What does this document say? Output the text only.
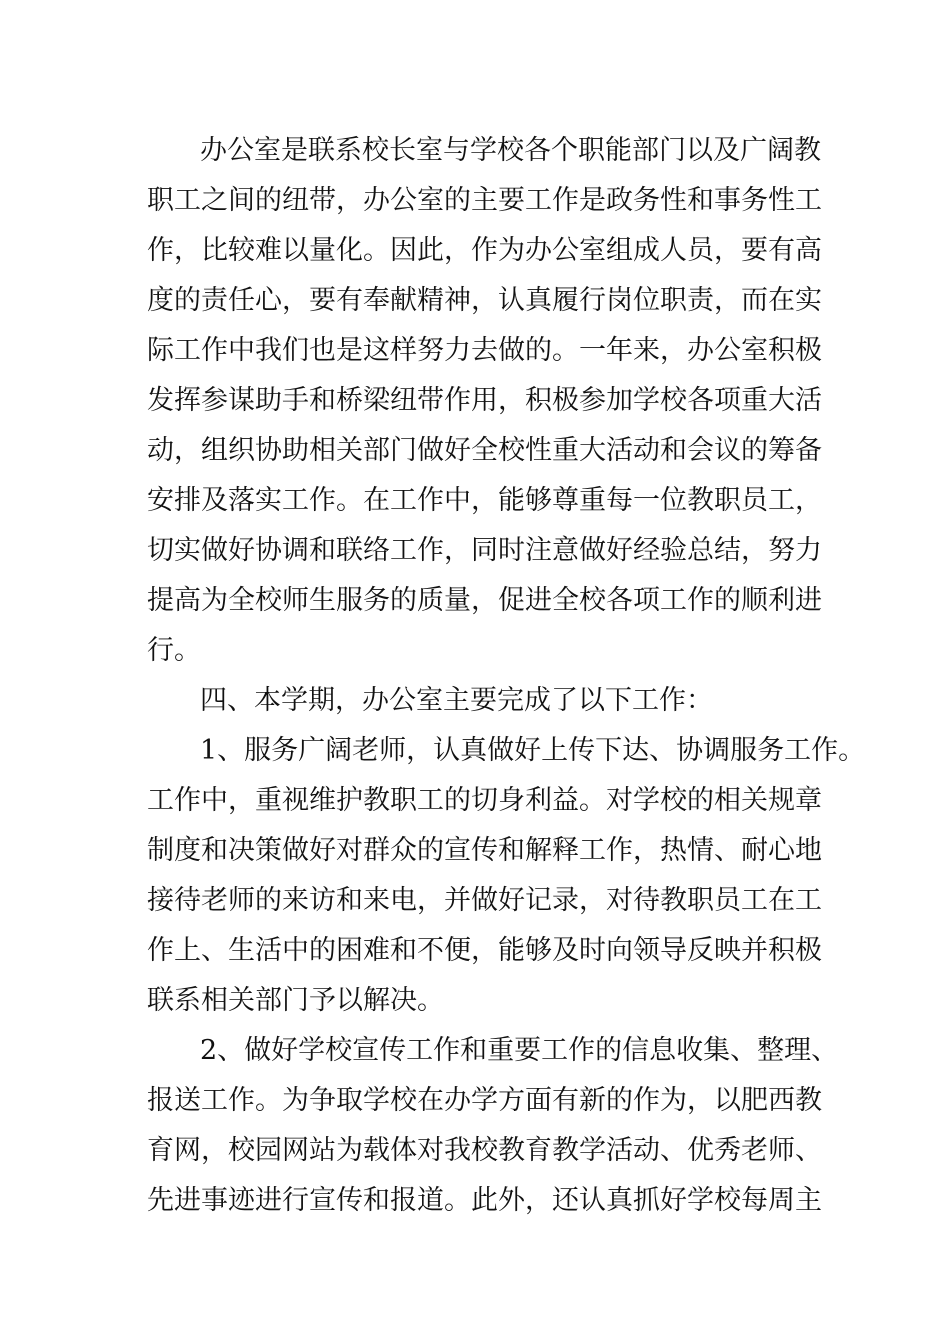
办公室是联系校长室与学校各个职能部门以及广阔教
职工之间的纽带，办公室的主要工作是政务性和事务性工
作，比较难以量化。因此，作为办公室组成人员，要有高
度的责任心，要有奉献精神，认真履行岗位职责，而在实
际工作中我们也是这样努力去做的。一年来，办公室积极
发挥参谋助手和桥梁纽带作用，积极参加学校各项重大活
动，组织协助相关部门做好全校性重大活动和会议的筹备
安排及落实工作。在工作中，能够尊重每一位教职员工，
切实做好协调和联络工作，同时注意做好经验总结，努力
提高为全校师生服务的质量，促进全校各项工作的顺利进
行。
四、本学期，办公室主要完成了以下工作：
1、服务广阔老师，认真做好上传下达、协调服务工作。
工作中，重视维护教职工的切身利益。对学校的相关规章
制度和决策做好对群众的宣传和解释工作，热情、耐心地
接待老师的来访和来电，并做好记录，对待教职员工在工
作上、生活中的困难和不便，能够及时向领导反映并积极
联系相关部门予以解决。
2、做好学校宣传工作和重要工作的信息收集、整理、
报送工作。为争取学校在办学方面有新的作为，以肥西教
育网，校园网站为载体对我校教育教学活动、优秀老师、
先进事迹进行宣传和报道。此外，还认真抓好学校每周主
